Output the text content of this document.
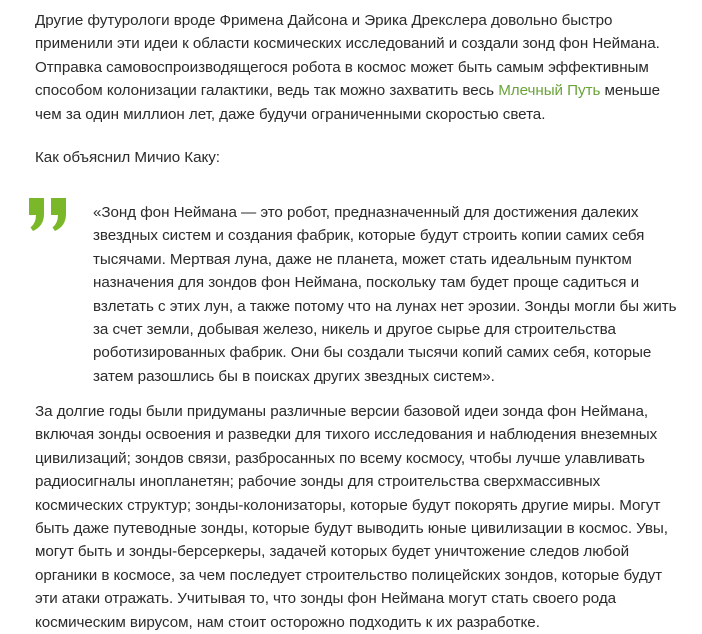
Другие футурологи вроде Фримена Дайсона и Эрика Дрекслера довольно быстро
применили эти идеи к области космических исследований и создали зонд фон Неймана.
Отправка самовоспроизводящегося робота в космос может быть самым эффективным
способом колонизации галактики, ведь так можно захватить весь Млечный Путь меньше
чем за один миллион лет, даже будучи ограниченными скоростью света.

Как объяснил Мичио Каку:

«Зонд фон Неймана — это робот, предназначенный для достижения далеких
звездных систем и создания фабрик, которые будут строить копии самих себя
тысячами. Мертвая луна, даже не планета, может стать идеальным пунктом
назначения для зондов фон Неймана, поскольку там будет проще садиться и
взлетать с этих лун, а также потому что на лунах нет эрозии. Зонды могли бы жить
за счет земли, добывая железо, никель и другое сырье для строительства
роботизированных фабрик. Они бы создали тысячи копий самих себя, которые
затем разошлись бы в поисках других звездных систем».

За долгие годы были придуманы различные версии базовой идеи зонда фон Неймана,
включая зонды освоения и разведки для тихого исследования и наблюдения внеземных
цивилизаций; зондов связи, разбросанных по всему космосу, чтобы лучше улавливать
радиосигналы инопланетян; рабочие зонды для строительства сверхмассивных
космических структур; зонды-колонизаторы, которые будут покорять другие миры. Могут
быть даже путеводные зонды, которые будут выводить юные цивилизации в космос. Увы,
могут быть и зонды-берсеркеры, задачей которых будет уничтожение следов любой
органики в космосе, за чем последует строительство полицейских зондов, которые будут
эти атаки отражать. Учитывая то, что зонды фон Неймана могут стать своего рода
космическим вирусом, нам стоит осторожно подходить к их разработке.
